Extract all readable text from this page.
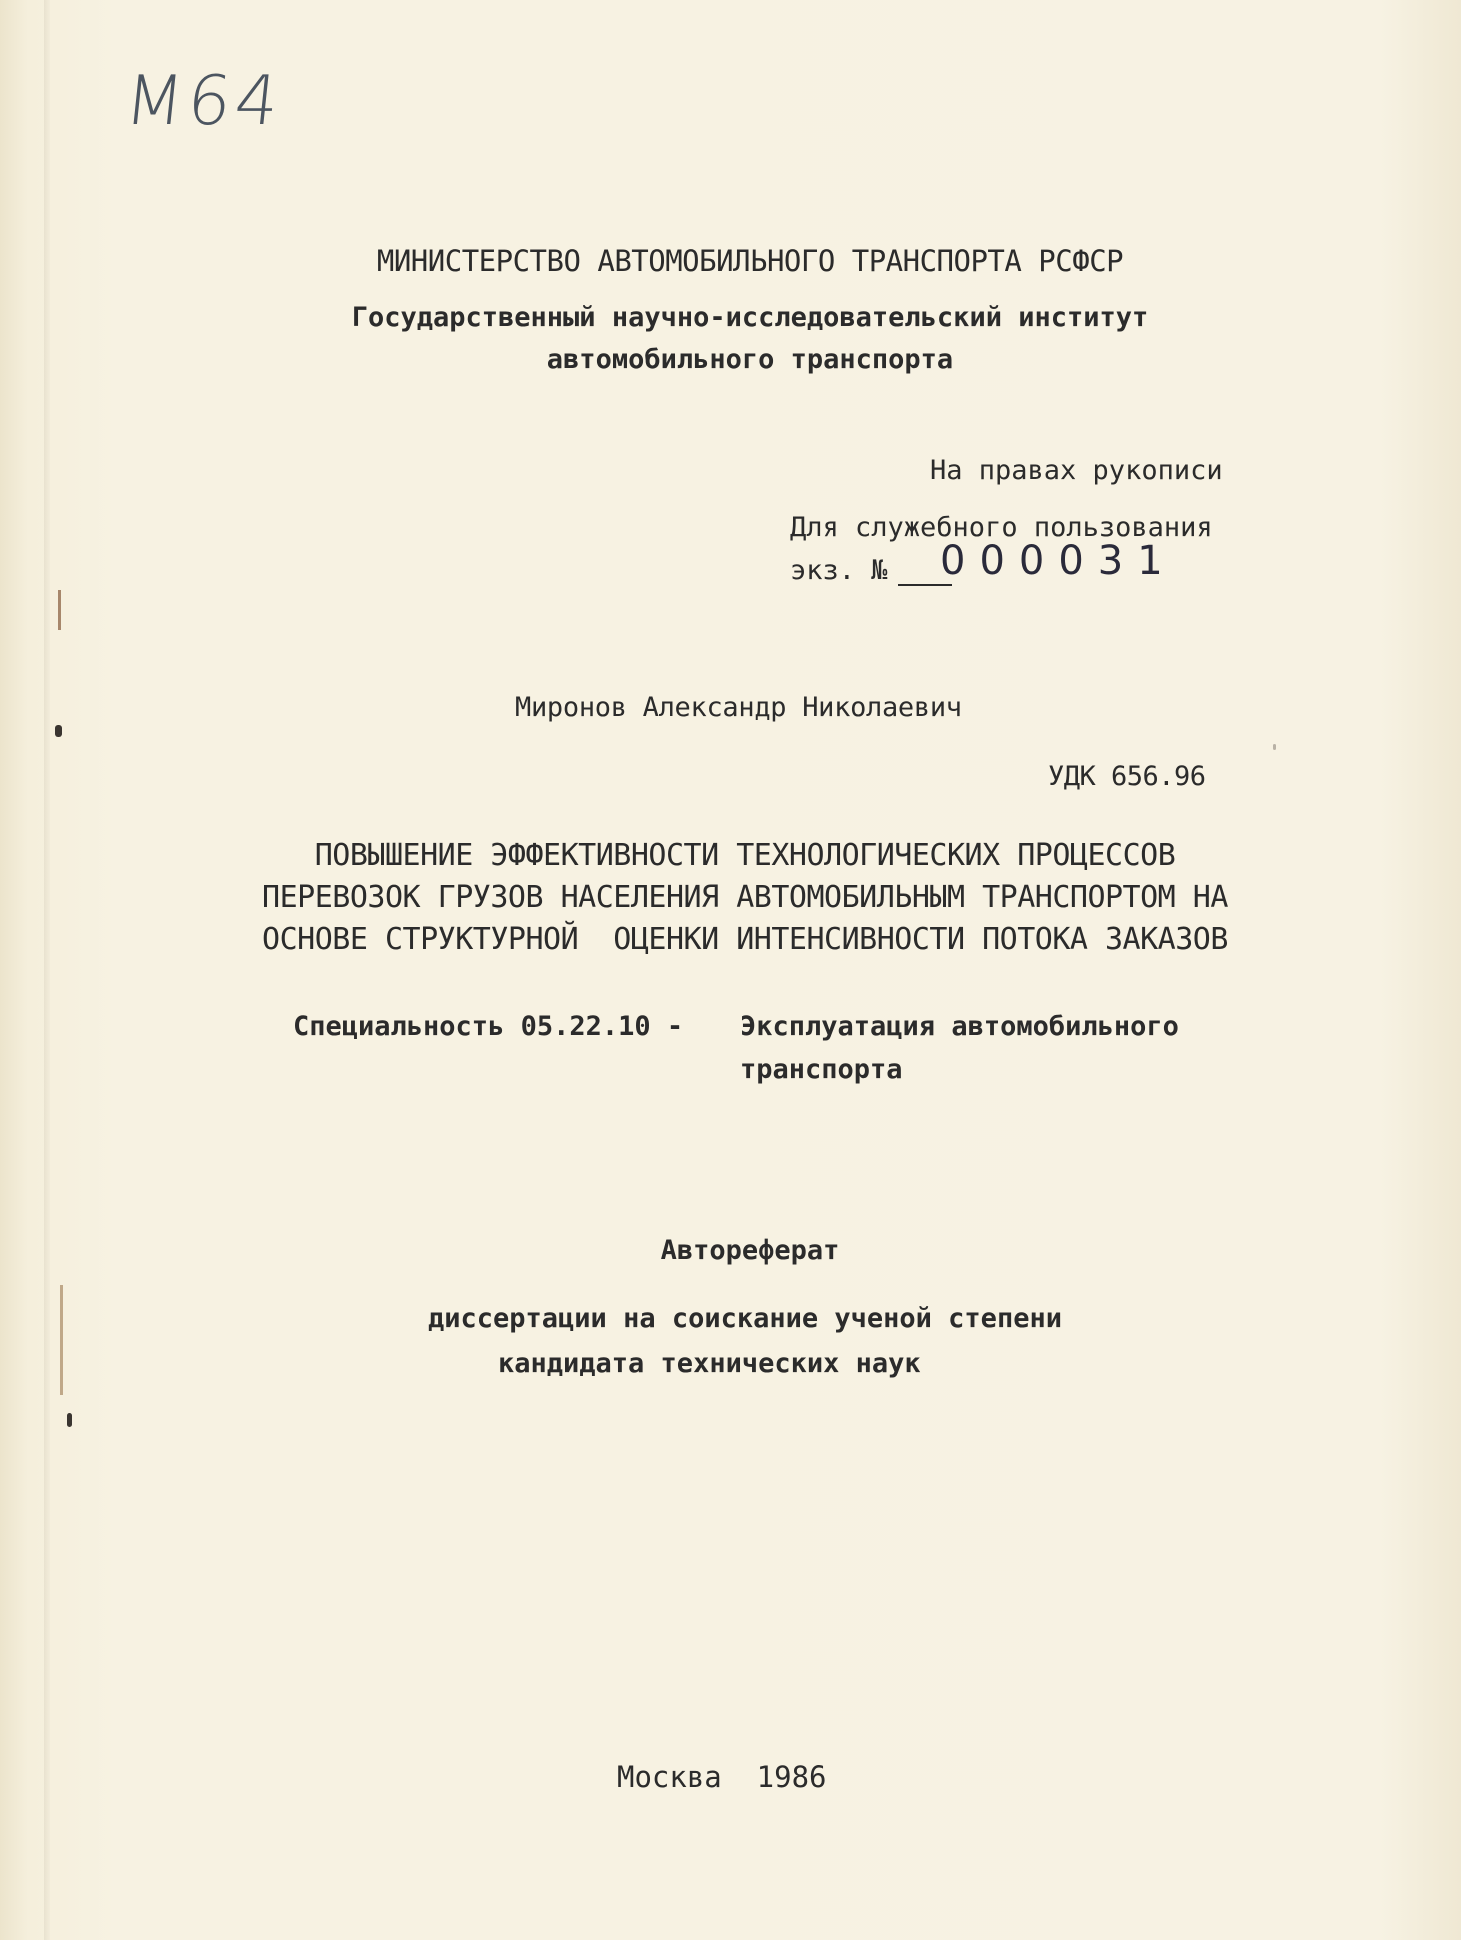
M64
МИНИСТЕРСТВО АВТОМОБИЛЬНОГО ТРАНСПОРТА РСФСР
Государственный научно-исследовательский институт
автомобильного транспорта
На правах рукописи
Для служебного пользования
экз. № 000031
Миронов Александр Николаевич
УДК 656.96
ПОВЫШЕНИЕ ЭФФЕКТИВНОСТИ ТЕХНОЛОГИЧЕСКИХ ПРОЦЕССОВ
ПЕРЕВОЗОК ГРУЗОВ НАСЕЛЕНИЯ АВТОМОБИЛЬНЫМ ТРАНСПОРТОМ НА
ОСНОВЕ СТРУКТУРНОЙ  ОЦЕНКИ ИНТЕНСИВНОСТИ ПОТОКА ЗАКАЗОВ
Специальность 05.22.10 - Эксплуатация автомобильного
транспорта
Автореферат
диссертации на соискание ученой степени
кандидата технических наук
Москва  1986
